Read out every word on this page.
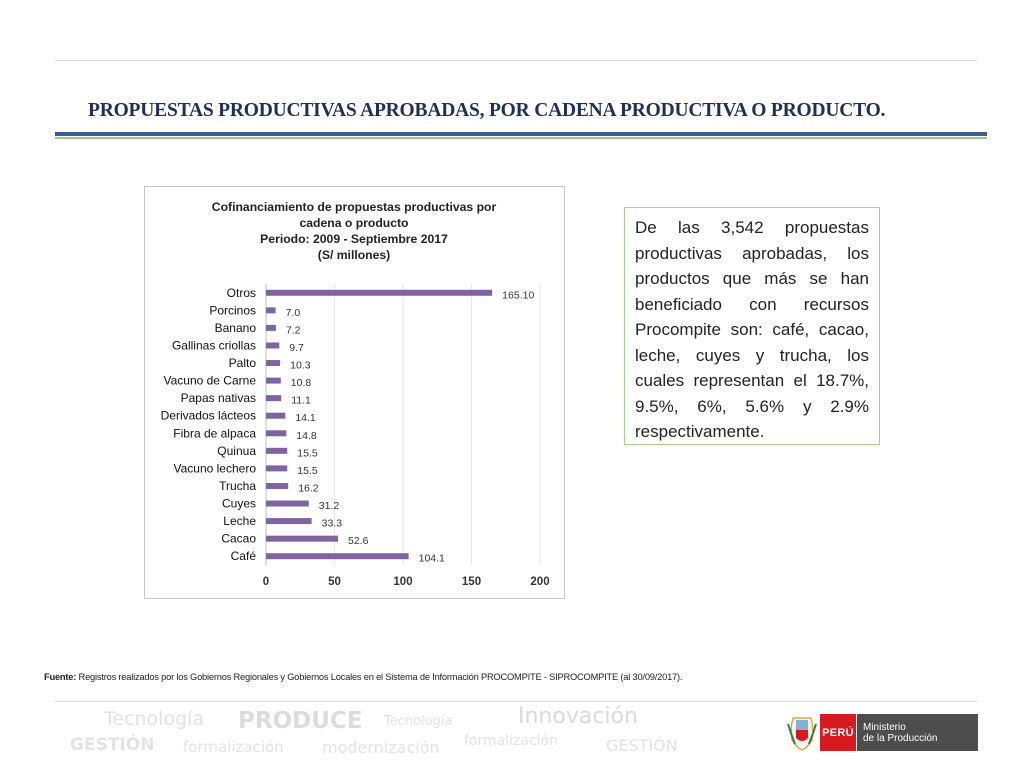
PROPUESTAS PRODUCTIVAS APROBADAS, POR CADENA PRODUCTIVA O PRODUCTO.
Cofinanciamiento de propuestas productivas por
cadena o producto
Periodo: 2009 - Septiembre 2017
(S/ millones)
Otros	165.10
Porcinos	7.0
Banano	7.2
Gallinas criollas	9.7
Palto	10.3
Vacuno de Carne	10.8
Papas nativas	11.1
Derivados lácteos	14.1
Fibra de alpaca	14.8
Quinua	15.5
Vacuno lechero	15.5
Trucha	16.2
Cuyes	31.2
Leche	33.3
Cacao	52.6
Café	104.1
0	50	100	150	200

De las 3,542 propuestas productivas aprobadas, los productos que más se han beneficiado con recursos Procompite son: café, cacao, leche, cuyes y trucha, los cuales representan el 18.7%, 9.5%, 6%, 5.6% y 2.9% respectivamente.

Fuente: Registros realizados por los Gobiernos Regionales y Gobiernos Locales en el Sistema de Información PROCOMPITE - SIPROCOMPITE (al 30/09/2017).
Tecnología PRODUCE Tecnología	Innovación
GESTIÓN formalización modernización formalización	GESTIÓN
PERÚ Ministerio
de la Producción
